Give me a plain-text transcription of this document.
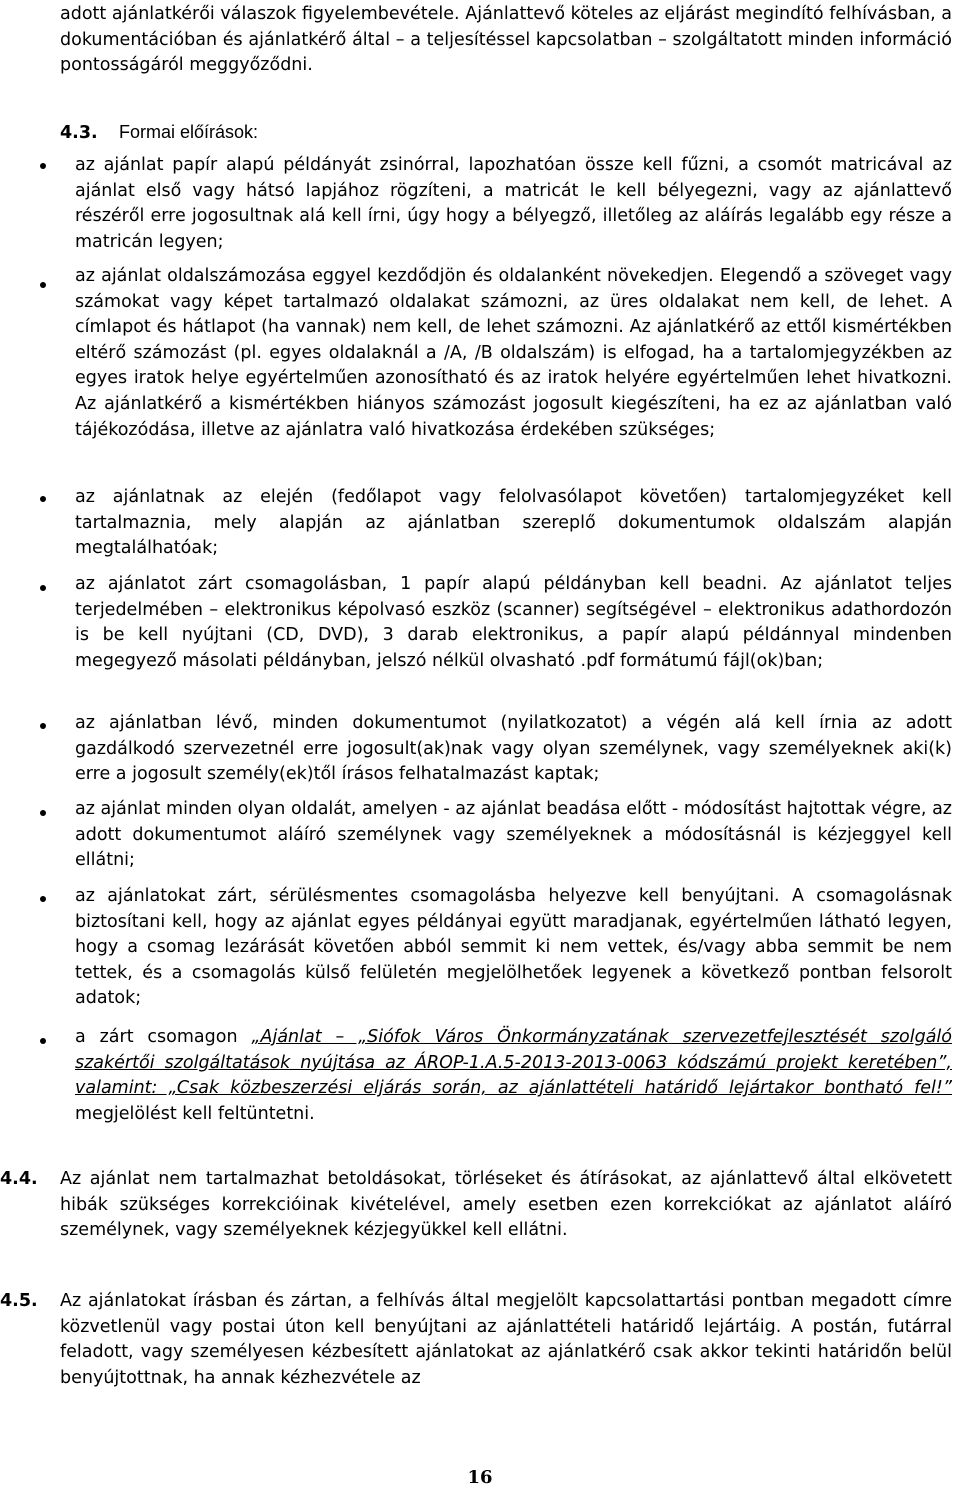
adott ajánlatkérői válaszok figyelembevétele. Ajánlattevő köteles az eljárást megindító felhívásban, a dokumentációban és ajánlatkérő által – a teljesítéssel kapcsolatban – szolgáltatott minden információ pontosságáról meggyőződni.

4.3. Formai előírások:

az ajánlat papír alapú példányát zsinórral, lapozhatóan össze kell fűzni, a csomót matricával az ajánlat első vagy hátsó lapjához rögzíteni, a matricát le kell bélyegezni, vagy az ajánlattevő részéről erre jogosultnak alá kell írni, úgy hogy a bélyegző, illetőleg az aláírás legalább egy része a matricán legyen;

az ajánlat oldalszámozása eggyel kezdődjön és oldalanként növekedjen. Elegendő a szöveget vagy számokat vagy képet tartalmazó oldalakat számozni, az üres oldalakat nem kell, de lehet. A címlapot és hátlapot (ha vannak) nem kell, de lehet számozni. Az ajánlatkérő az ettől kismértékben eltérő számozást (pl. egyes oldalaknál a /A, /B oldalszám) is elfogad, ha a tartalomjegyzékben az egyes iratok helye egyértelműen azonosítható és az iratok helyére egyértelműen lehet hivatkozni. Az ajánlatkérő a kismértékben hiányos számozást jogosult kiegészíteni, ha ez az ajánlatban való tájékozódása, illetve az ajánlatra való hivatkozása érdekében szükséges;

az ajánlatnak az elején (fedőlapot vagy felolvasólapot követően) tartalomjegyzéket kell tartalmaznia, mely alapján az ajánlatban szereplő dokumentumok oldalszám alapján megtalálhatóak;

az ajánlatot zárt csomagolásban, 1 papír alapú példányban kell beadni. Az ajánlatot teljes terjedelmében – elektronikus képolvasó eszköz (scanner) segítségével – elektronikus adathordozón is be kell nyújtani (CD, DVD), 3 darab elektronikus, a papír alapú példánnyal mindenben megegyező másolati példányban, jelszó nélkül olvasható .pdf formátumú fájl(ok)ban;

az ajánlatban lévő, minden dokumentumot (nyilatkozatot) a végén alá kell írnia az adott gazdálkodó szervezetnél erre jogosult(ak)nak vagy olyan személynek, vagy személyeknek aki(k) erre a jogosult személy(ek)től írásos felhatalmazást kaptak;

az ajánlat minden olyan oldalát, amelyen - az ajánlat beadása előtt - módosítást hajtottak végre, az adott dokumentumot aláíró személynek vagy személyeknek a módosításnál is kézjeggyel kell ellátni;

az ajánlatokat zárt, sérülésmentes csomagolásba helyezve kell benyújtani. A csomagolásnak biztosítani kell, hogy az ajánlat egyes példányai együtt maradjanak, egyértelműen látható legyen, hogy a csomag lezárását követően abból semmit ki nem vettek, és/vagy abba semmit be nem tettek, és a csomagolás külső felületén megjelölhetőek legyenek a következő pontban felsorolt adatok;

a zárt csomagon „Ajánlat – „Siófok Város Önkormányzatának szervezetfejlesztését szolgáló szakértői szolgáltatások nyújtása az ÁROP-1.A.5-2013-2013-0063 kódszámú projekt keretében”, valamint: „Csak közbeszerzési eljárás során, az ajánlattételi határidő lejártakor bontható fel!” megjelölést kell feltüntetni.

4.4. Az ajánlat nem tartalmazhat betoldásokat, törléseket és átírásokat, az ajánlattevő által elkövetett hibák szükséges korrekcióinak kivételével, amely esetben ezen korrekciókat az ajánlatot aláíró személynek, vagy személyeknek kézjegyükkel kell ellátni.

4.5. Az ajánlatokat írásban és zártan, a felhívás által megjelölt kapcsolattartási pontban megadott címre közvetlenül vagy postai úton kell benyújtani az ajánlattételi határidő lejártáig. A postán, futárral feladott, vagy személyesen kézbesített ajánlatokat az ajánlatkérő csak akkor tekinti határidőn belül benyújtottnak, ha annak kézhezvétele az

16
